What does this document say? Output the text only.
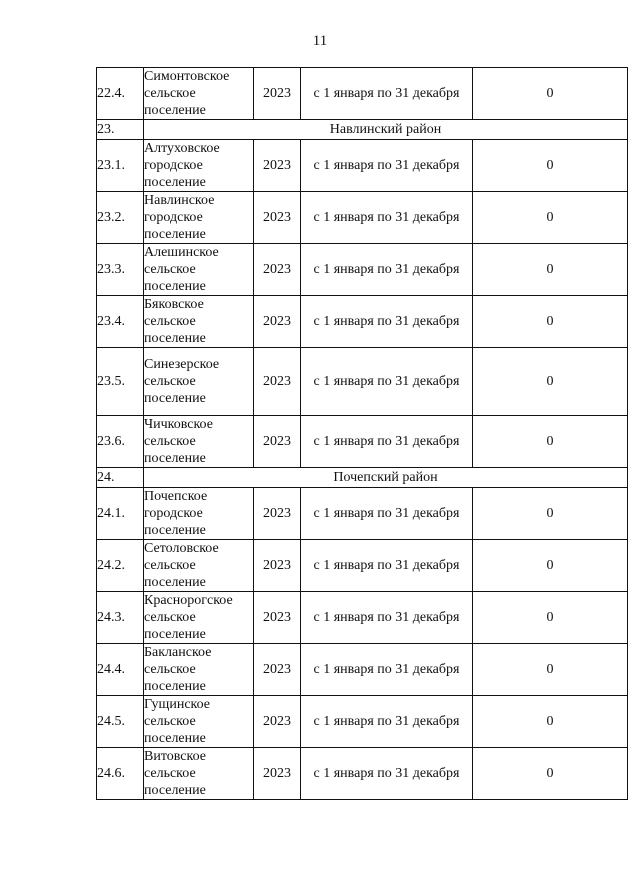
11
22.4.	Симонтовское
сельское
поселение	2023	с 1 января по 31 декабря	0
23.	Навлинский район			
23.1.	Алтуховское
городское
поселение	2023	с 1 января по 31 декабря	0
23.2.	Навлинское
городское
поселение	2023	с 1 января по 31 декабря	0
23.3.	Алешинское
сельское
поселение	2023	с 1 января по 31 декабря	0
23.4.	Бяковское
сельское
поселение	2023	с 1 января по 31 декабря	0
23.5.	Синезерское
сельское
поселение	2023	с 1 января по 31 декабря	0
23.6.	Чичковское
сельское
поселение	2023	с 1 января по 31 декабря	0
24.	Почепский район			
24.1.	Почепское
городское
поселение	2023	с 1 января по 31 декабря	0
24.2.	Сетоловское
сельское
поселение	2023	с 1 января по 31 декабря	0
24.3.	Краснорогское
сельское
поселение	2023	с 1 января по 31 декабря	0
24.4.	Бакланское
сельское
поселение	2023	с 1 января по 31 декабря	0
24.5.	Гущинское
сельское
поселение	2023	с 1 января по 31 декабря	0
24.6.	Витовское
сельское
поселение	2023	с 1 января по 31 декабря	0
